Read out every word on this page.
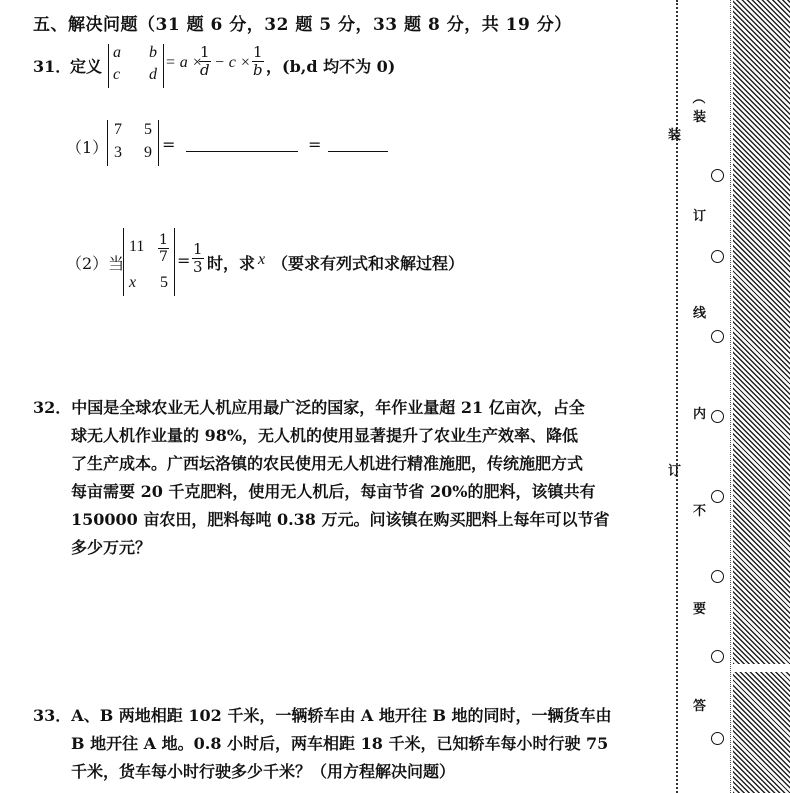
五、解决问题（31 题 6 分，32 题 5 分，33 题 8 分，共 19 分）
31．
定义
a b
c d
= a ×
$\frac{1}{d} - c \times \frac{1}{b}$ ，(b,d 均不为 0)
（1）
7 5
3 9 =	=
（2）当
$11 \frac{1}{7}$
x 5
= $\frac{1}{3}$ 时，求 x （要求有列式和求解过程）
32．中国是全球农业无人机应用最广泛的国家，年作业量超 21 亿亩次，占全
球无人机作业量的 98%，无人机的使用显著提升了农业生产效率、降低
了生产成本。广西坛洛镇的农民使用无人机进行精准施肥，传统施肥方式
每亩需要 20 千克肥料，使用无人机后，每亩节省 20%的肥料，该镇共有
150000 亩农田，肥料每吨 0.38 万元。问该镇在购买肥料上每年可以节省
多少万元？
33．A、B 两地相距 102 千米，一辆轿车由 A 地开往 B 地的同时，一辆货车由
B 地开往 A 地。0.8 小时后，两车相距 18 千米，已知轿车每小时行驶 75
千米，货车每小时行驶多少千米？（用方程解决问题）
装
订
（
装
订
线
内
不
要
答
